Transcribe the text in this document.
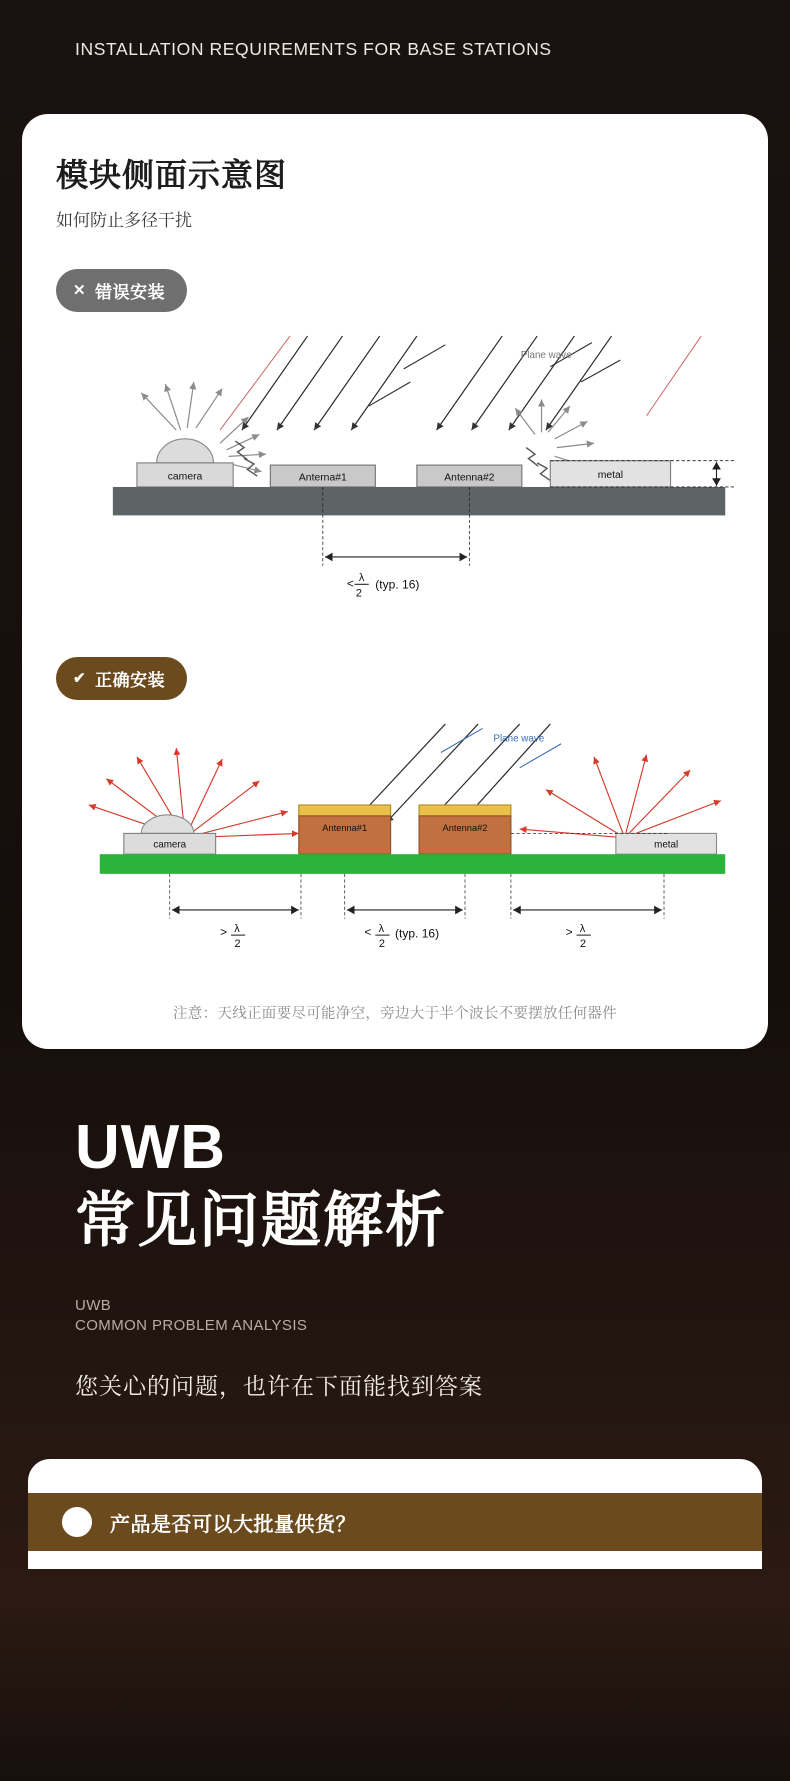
INSTALLATION REQUIREMENTS FOR BASE STATIONS
模块侧面示意图
如何防止多径干扰
✕ 错误安装
Plane wave
camera	Anterna#1	Antenna#2	metal
< λ
2
(typ. 16)
✔ 正确安装
Plane wave
camera
Antenna#1	Antenna#2
metal
> λ
2
< λ
2
(typ. 16)	> λ
2
注意：天线正面要尽可能净空，旁边大于半个波长不要摆放任何器件
UWB
常见问题解析
UWB
COMMON PROBLEM ANALYSIS
您关心的问题，也许在下面能找到答案
产品是否可以大批量供货？
